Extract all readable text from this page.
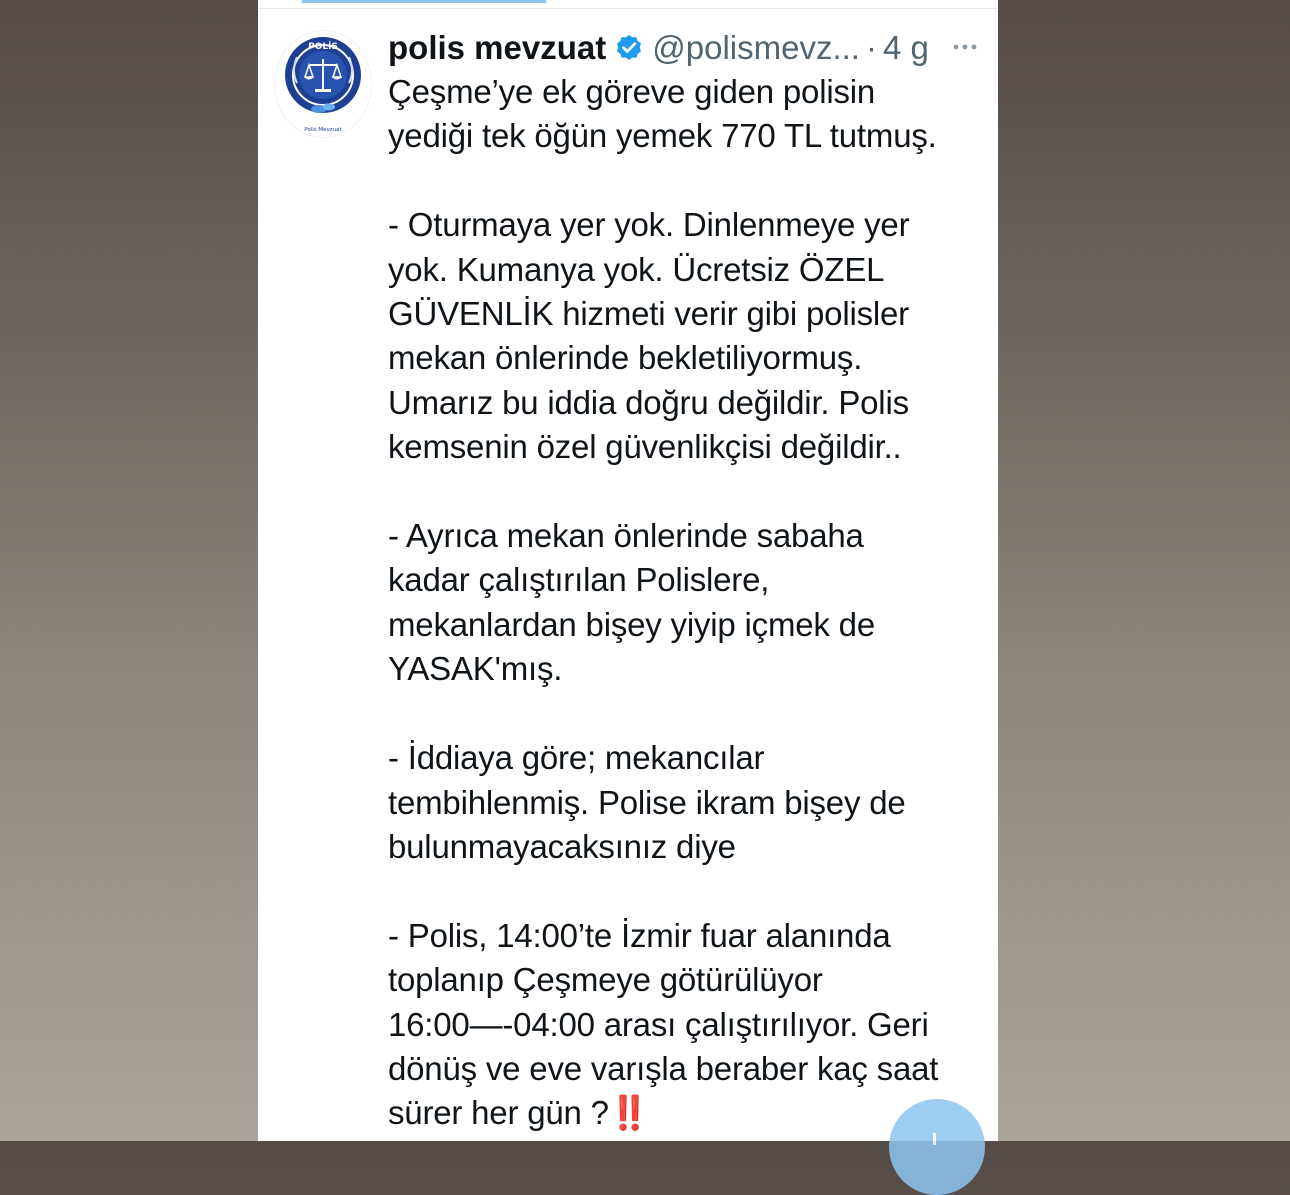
POLİS
Polis Mevzuat
polis mevzuat @polismevz... · 4 g
Çeşme’ye ek göreve giden polisin
yediği tek öğün yemek 770 TL tutmuş.

- Oturmaya yer yok. Dinlenmeye yer
yok. Kumanya yok. Ücretsiz ÖZEL
GÜVENLİK hizmeti verir gibi polisler
mekan önlerinde bekletiliyormuş.
Umarız bu iddia doğru değildir. Polis
kemsenin özel güvenlikçisi değildir..

- Ayrıca mekan önlerinde sabaha
kadar çalıştırılan Polislere,
mekanlardan bişey yiyip içmek de
YASAK'mış.

- İddiaya göre; mekancılar
tembihlenmiş. Polise ikram bişey de
bulunmayacaksınız diye

- Polis, 14:00’te İzmir fuar alanında
toplanıp Çeşmeye götürülüyor
16:00—-04:00 arası çalıştırılıyor. Geri
dönüş ve eve varışla beraber kaç saat
sürer her gün ?‼️
